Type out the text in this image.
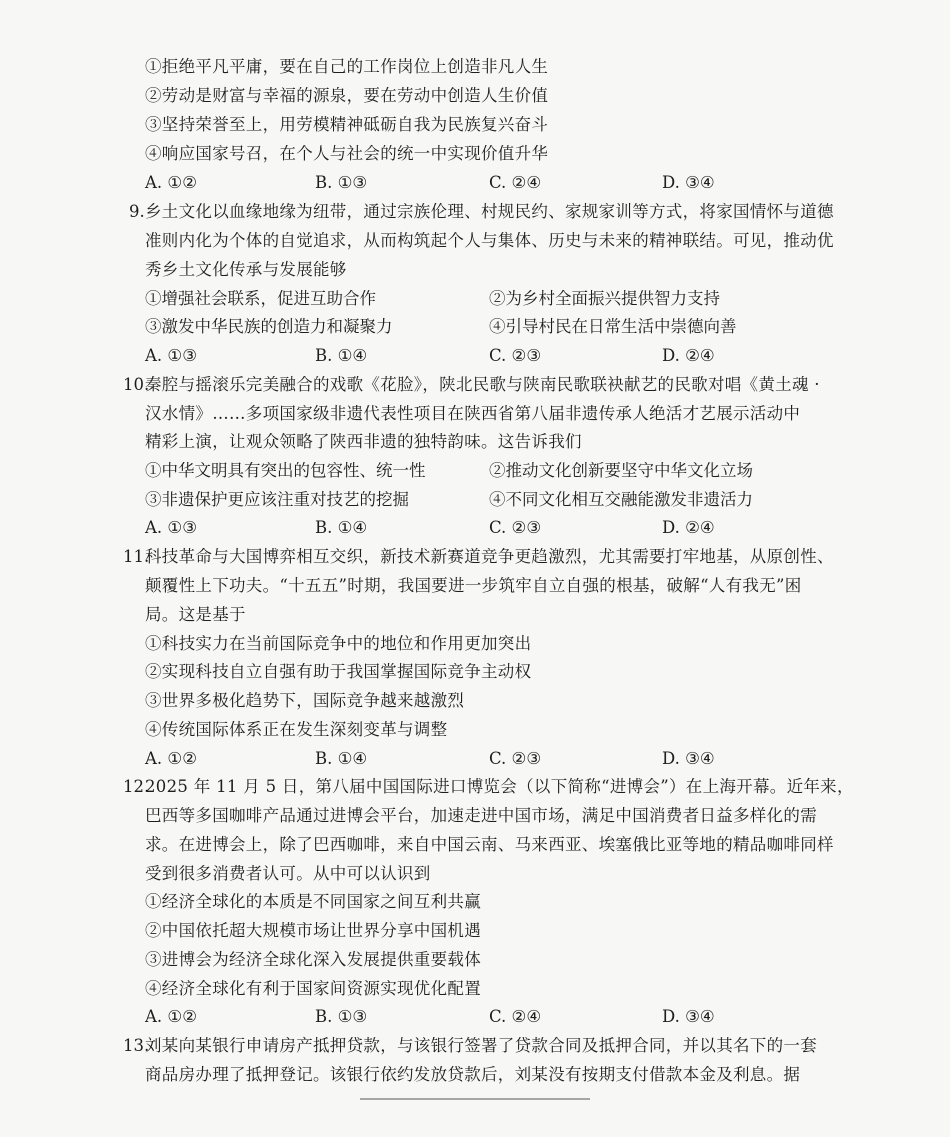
①拒绝平凡平庸，要在自己的工作岗位上创造非凡人生
②劳动是财富与幸福的源泉，要在劳动中创造人生价值
③坚持荣誉至上，用劳模精神砥砺自我为民族复兴奋斗
④响应国家号召，在个人与社会的统一中实现价值升华
A. ①②	B. ①③	C. ②④	D. ③④
9. 乡土文化以血缘地缘为纽带，通过宗族伦理、村规民约、家规家训等方式，将家国情怀与道德
准则内化为个体的自觉追求，从而构筑起个人与集体、历史与未来的精神联结。可见，推动优
秀乡土文化传承与发展能够
①增强社会联系，促进互助合作	②为乡村全面振兴提供智力支持
③激发中华民族的创造力和凝聚力	④引导村民在日常生活中崇德向善
A. ①③	B. ①④	C. ②③	D. ②④
10.
秦腔与摇滚乐完美融合的戏歌《花脸》，陕北民歌与陕南民歌联袂献艺的民歌对唱《黄土魂 ·
汉水情》……多项国家级非遗代表性项目在陕西省第八届非遗传承人绝活才艺展示活动中
精彩上演，让观众领略了陕西非遗的独特韵味。这告诉我们
①中华文明具有突出的包容性、统一性	②推动文化创新要坚守中华文化立场
③非遗保护更应该注重对技艺的挖掘	④不同文化相互交融能激发非遗活力
A. ①③	B. ①④	C. ②③	D. ②④
11.
科技革命与大国博弈相互交织，新技术新赛道竞争更趋激烈，尤其需要打牢地基，从原创性、
颠覆性上下功夫。“十五五”时期，我国要进一步筑牢自立自强的根基，破解“人有我无”困
局。这是基于
①科技实力在当前国际竞争中的地位和作用更加突出
②实现科技自立自强有助于我国掌握国际竞争主动权
③世界多极化趋势下，国际竞争越来越激烈
④传统国际体系正在发生深刻变革与调整
A. ①②	B. ①④	C. ②③	D. ③④
12.
2025 年 11 月 5 日，第八届中国国际进口博览会（以下简称“进博会”）在上海开幕。近年来，
巴西等多国咖啡产品通过进博会平台，加速走进中国市场，满足中国消费者日益多样化的需
求。在进博会上，除了巴西咖啡，来自中国云南、马来西亚、埃塞俄比亚等地的精品咖啡同样
受到很多消费者认可。从中可以认识到
①经济全球化的本质是不同国家之间互利共赢
②中国依托超大规模市场让世界分享中国机遇
③进博会为经济全球化深入发展提供重要载体
④经济全球化有利于国家间资源实现优化配置
A. ①②	B. ①③	C. ②④	D. ③④
13.
刘某向某银行申请房产抵押贷款，与该银行签署了贷款合同及抵押合同，并以其名下的一套
商品房办理了抵押登记。该银行依约发放贷款后，刘某没有按期支付借款本金及利息。据
